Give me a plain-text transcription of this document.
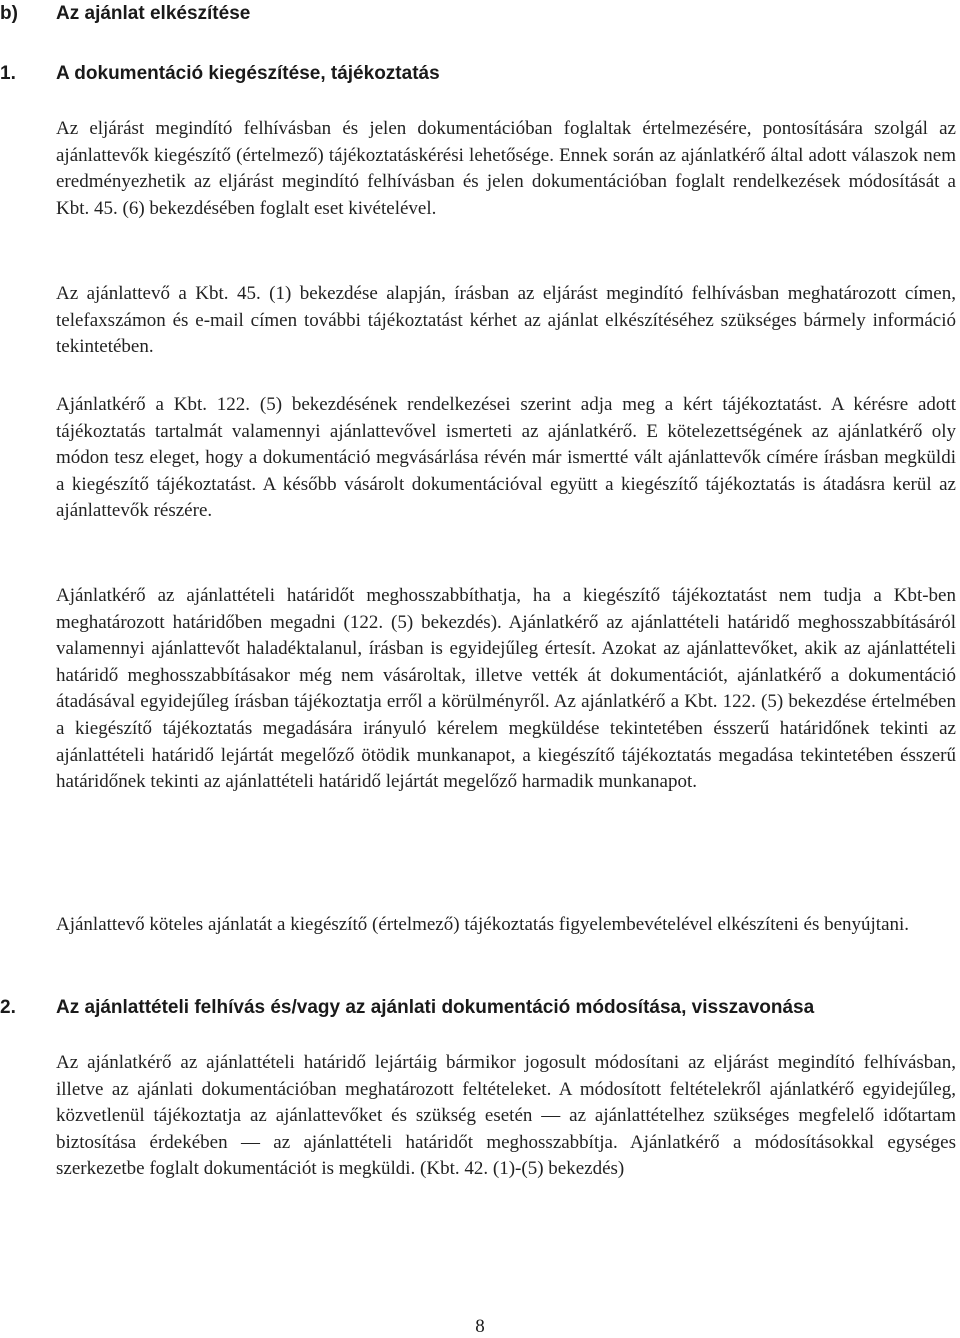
b) Az ajánlat elkészítése
1. A dokumentáció kiegészítése, tájékoztatás

Az eljárást megindító felhívásban és jelen dokumentációban foglaltak értelmezésére, pontosítására szolgál az ajánlattevők kiegészítő (értelmező) tájékoztatáskérési lehetősége. Ennek során az ajánlatkérő által adott válaszok nem eredményezhetik az eljárást megindító felhívásban és jelen dokumentációban foglalt rendelkezések módosítását a Kbt. 45. (6) bekezdésében foglalt eset kivételével.

Az ajánlattevő a Kbt. 45. (1) bekezdése alapján, írásban az eljárást megindító felhívásban meghatározott címen, telefaxszámon és e-mail címen további tájékoztatást kérhet az ajánlat elkészítéséhez szükséges bármely információ tekintetében.

Ajánlatkérő a Kbt. 122. (5) bekezdésének rendelkezései szerint adja meg a kért tájékoztatást. A kérésre adott tájékoztatás tartalmát valamennyi ajánlattevővel ismerteti az ajánlatkérő. E kötelezettségének az ajánlatkérő oly módon tesz eleget, hogy a dokumentáció megvásárlása révén már ismertté vált ajánlattevők címére írásban megküldi a kiegészítő tájékoztatást. A később vásárolt dokumentációval együtt a kiegészítő tájékoztatás is átadásra kerül az ajánlattevők részére.

Ajánlatkérő az ajánlattételi határidőt meghosszabbíthatja, ha a kiegészítő tájékoztatást nem tudja a Kbt-ben meghatározott határidőben megadni (122. (5) bekezdés). Ajánlatkérő az ajánlattételi határidő meghosszabbításáról valamennyi ajánlattevőt haladéktalanul, írásban is egyidejűleg értesít. Azokat az ajánlattevőket, akik az ajánlattételi határidő meghosszabbításakor még nem vásároltak, illetve vették át dokumentációt, ajánlatkérő a dokumentáció átadásával egyidejűleg írásban tájékoztatja erről a körülményről. Az ajánlatkérő a Kbt. 122. (5) bekezdése értelmében a kiegészítő tájékoztatás megadására irányuló kérelem megküldése tekintetében ésszerű határidőnek tekinti az ajánlattételi határidő lejártát megelőző ötödik munkanapot, a kiegészítő tájékoztatás megadása tekintetében ésszerű határidőnek tekinti az ajánlattételi határidő lejártát megelőző harmadik munkanapot.

Ajánlattevő köteles ajánlatát a kiegészítő (értelmező) tájékoztatás figyelembevételével elkészíteni és benyújtani.

2. Az ajánlattételi felhívás és/vagy az ajánlati dokumentáció módosítása, visszavonása

Az ajánlatkérő az ajánlattételi határidő lejártáig bármikor jogosult módosítani az eljárást megindító felhívásban, illetve az ajánlati dokumentációban meghatározott feltételeket. A módosított feltételekről ajánlatkérő egyidejűleg, közvetlenül tájékoztatja az ajánlattevőket és szükség esetén — az ajánlattételhez szükséges megfelelő időtartam biztosítása érdekében — az ajánlattételi határidőt meghosszabbítja. Ajánlatkérő a módosításokkal egységes szerkezetbe foglalt dokumentációt is megküldi. (Kbt. 42. (1)-(5) bekezdés)

8
